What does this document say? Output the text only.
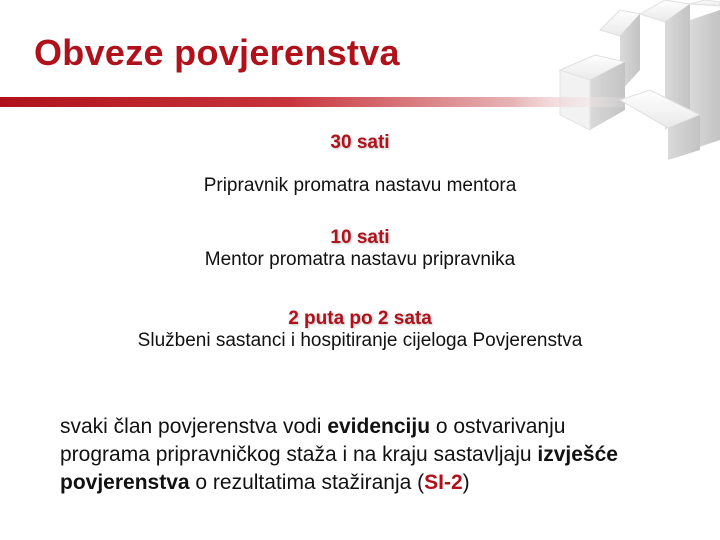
Obveze povjerenstva
30 sati
Pripravnik promatra nastavu mentora
10 sati
Mentor promatra nastavu pripravnika
2 puta po 2 sata
Službeni sastanci i hospitiranje cijeloga Povjerenstva
svaki član povjerenstva vodi evidenciju o ostvarivanju programa pripravničkog staža i na kraju sastavljaju izvješće povjerenstva o rezultatima stažiranja (SI-2)
